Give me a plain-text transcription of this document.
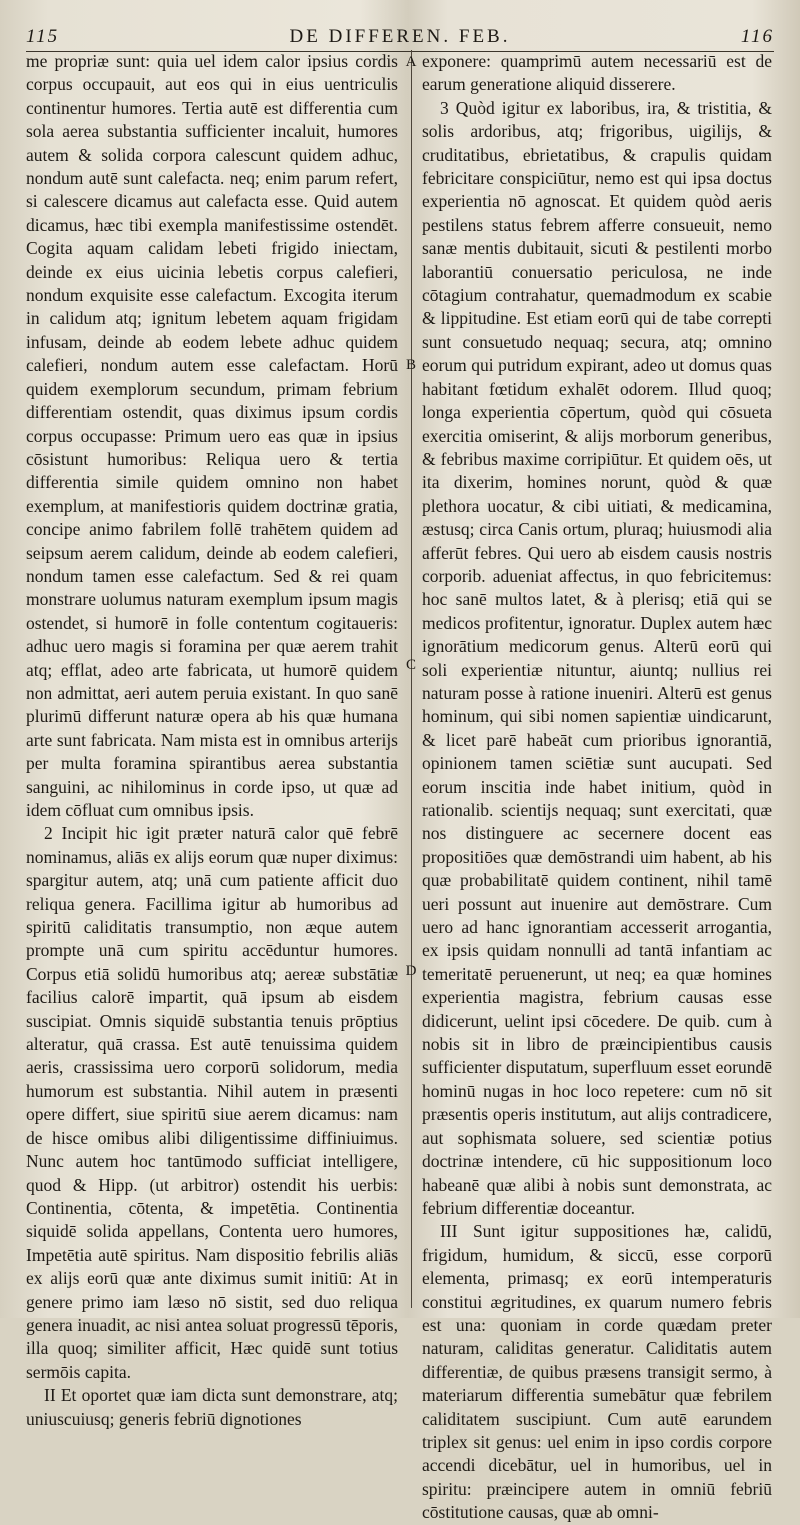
115	DE DIFFEREN. FEB.	116

me propriæ sunt: quia uel idem calor ipsius cordis corpus occupauit, aut eos qui in eius uentriculis continentur humores. Tertia autē est differentia cum sola aerea substantia sufficienter incaluit, humores autem & solida corpora calescunt quidem adhuc, nondum autē sunt calefacta. neq; enim parum refert, si calescere dicamus aut calefacta esse. Quid autem dicamus, hæc tibi exempla manifestissime ostendēt. Cogita aquam calidam lebeti frigido iniectam, deinde ex eius uicinia lebetis corpus calefieri, nondum exquisite esse calefactum. Excogita iterum in calidum atq; ignitum lebetem aquam frigidam infusam, deinde ab eodem lebete adhuc quidem calefieri, nondum autem esse calefactam. Horū quidem exemplorum secundum, primam febrium differentiam ostendit, quas diximus ipsum cordis corpus occupasse: Primum uero eas quæ in ipsius cōsistunt humoribus: Reliqua uero & tertia differentia simile quidem omnino non habet exemplum, at manifestioris quidem doctrinæ gratia, concipe animo fabrilem follē trahētem quidem ad seipsum aerem calidum, deinde ab eodem calefieri, nondum tamen esse calefactum. Sed & rei quam monstrare uolumus naturam exemplum ipsum magis ostendet, si humorē in folle contentum cogitaueris: adhuc uero magis si foramina per quæ aerem trahit atq; efflat, adeo arte fabricata, ut humorē quidem non admittat, aeri autem peruia existant. In quo sanē plurimū differunt naturæ opera ab his quæ humana arte sunt fabricata. Nam mista est in omnibus arterijs per multa foramina spirantibus aerea substantia sanguini, ac nihilominus in corde ipso, ut quæ ad idem cōfluat cum omnibus ipsis.

2 Incipit hic igit præter naturā calor quē febrē nominamus, aliās ex alijs eorum quæ nuper diximus: spargitur autem, atq; unā cum patiente afficit duo reliqua genera. Facillima igitur ab humoribus ad spiritū caliditatis transumptio, non æque autem prompte unā cum spiritu accēduntur humores. Corpus etiā solidū humoribus atq; aereæ substātiæ facilius calorē impartit, quā ipsum ab eisdem suscipiat. Omnis siquidē substantia tenuis prōptius alteratur, quā crassa. Est autē tenuissima quidem aeris, crassissima uero corporū solidorum, media humorum est substantia. Nihil autem in præsenti opere differt, siue spiritū siue aerem dicamus: nam de hisce omibus alibi diligentissime diffiniuimus. Nunc autem hoc tantūmodo sufficiat intelligere, quod & Hipp. (ut arbitror) ostendit his uerbis: Continentia, cōtenta, & impetētia. Continentia siquidē solida appellans, Contenta uero humores, Impetētia autē spiritus. Nam dispositio febrilis aliās ex alijs eorū quæ ante diximus sumit initiū: At in genere primo iam læso nō sistit, sed duo reliqua genera inuadit, ac nisi antea soluat progressū tēporis, illa quoq; similiter afficit, Hæc quidē sunt totius sermōis capita.

II Et oportet quæ iam dicta sunt demonstrare, atq; uniuscuiusq; generis febriū dignotiones

A
B
C
D

exponere: quamprimū autem necessariū est de earum generatione aliquid disserere.

3 Quòd igitur ex laboribus, ira, & tristitia, & solis ardoribus, atq; frigoribus, uigilijs, & cruditatibus, ebrietatibus, & crapulis quidam febricitare conspiciūtur, nemo est qui ipsa doctus experientia nō agnoscat. Et quidem quòd aeris pestilens status febrem afferre consueuit, nemo sanæ mentis dubitauit, sicuti & pestilenti morbo laborantiū conuersatio periculosa, ne inde cōtagium contrahatur, quemadmodum ex scabie & lippitudine. Est etiam eorū qui de tabe correpti sunt consuetudo nequaq; secura, atq; omnino eorum qui putridum expirant, adeo ut domus quas habitant fœtidum exhalēt odorem. Illud quoq; longa experientia cōpertum, quòd qui cōsueta exercitia omiserint, & alijs morborum generibus, & febribus maxime corripiūtur. Et quidem oēs, ut ita dixerim, homines norunt, quòd & quæ plethora uocatur, & cibi uitiati, & medicamina, æstusq; circa Canis ortum, pluraq; huiusmodi alia afferūt febres. Qui uero ab eisdem causis nostris corporib. adueniat affectus, in quo febricitemus: hoc sanē multos latet, & à plerisq; etiā qui se medicos profitentur, ignoratur. Duplex autem hæc ignorātium medicorum genus. Alterū eorū qui soli experientiæ nituntur, aiuntq; nullius rei naturam posse à ratione inueniri. Alterū est genus hominum, qui sibi nomen sapientiæ uindicarunt, & licet parē habeāt cum prioribus ignorantiā, opinionem tamen sciētiæ sunt aucupati. Sed eorum inscitia inde habet initium, quòd in rationalib. scientijs nequaq; sunt exercitati, quæ nos distinguere ac secernere docent eas propositiōes quæ demōstrandi uim habent, ab his quæ probabilitatē quidem continent, nihil tamē ueri possunt aut inuenire aut demōstrare. Cum uero ad hanc ignorantiam accesserit arrogantia, ex ipsis quidam nonnulli ad tantā infantiam ac temeritatē peruenerunt, ut neq; ea quæ homines experientia magistra, febrium causas esse didicerunt, uelint ipsi cōcedere. De quib. cum à nobis sit in libro de præincipientibus causis sufficienter disputatum, superfluum esset eorundē hominū nugas in hoc loco repetere: cum nō sit præsentis operis institutum, aut alijs contradicere, aut sophismata soluere, sed scientiæ potius doctrinæ intendere, cū hic suppositionum loco habeanē quæ alibi à nobis sunt demonstrata, ac febrium differentiæ doceantur.

III Sunt igitur suppositiones hæ, calidū, frigidum, humidum, & siccū, esse corporū elementa, primasq; ex eorū intemperaturis constitui ægritudines, ex quarum numero febris est una: quoniam in corde quædam preter naturam, caliditas generatur. Caliditatis autem differentiæ, de quibus præsens transigit sermo, à materiarum differentia sumebātur quæ febrilem caliditatem suscipiunt. Cum autē earundem triplex sit genus: uel enim in ipso cordis corpore accendi dicebātur, uel in humoribus, uel in spiritu: præincipere autem in omniū febriū cōstitutione causas, quæ ab omni-
